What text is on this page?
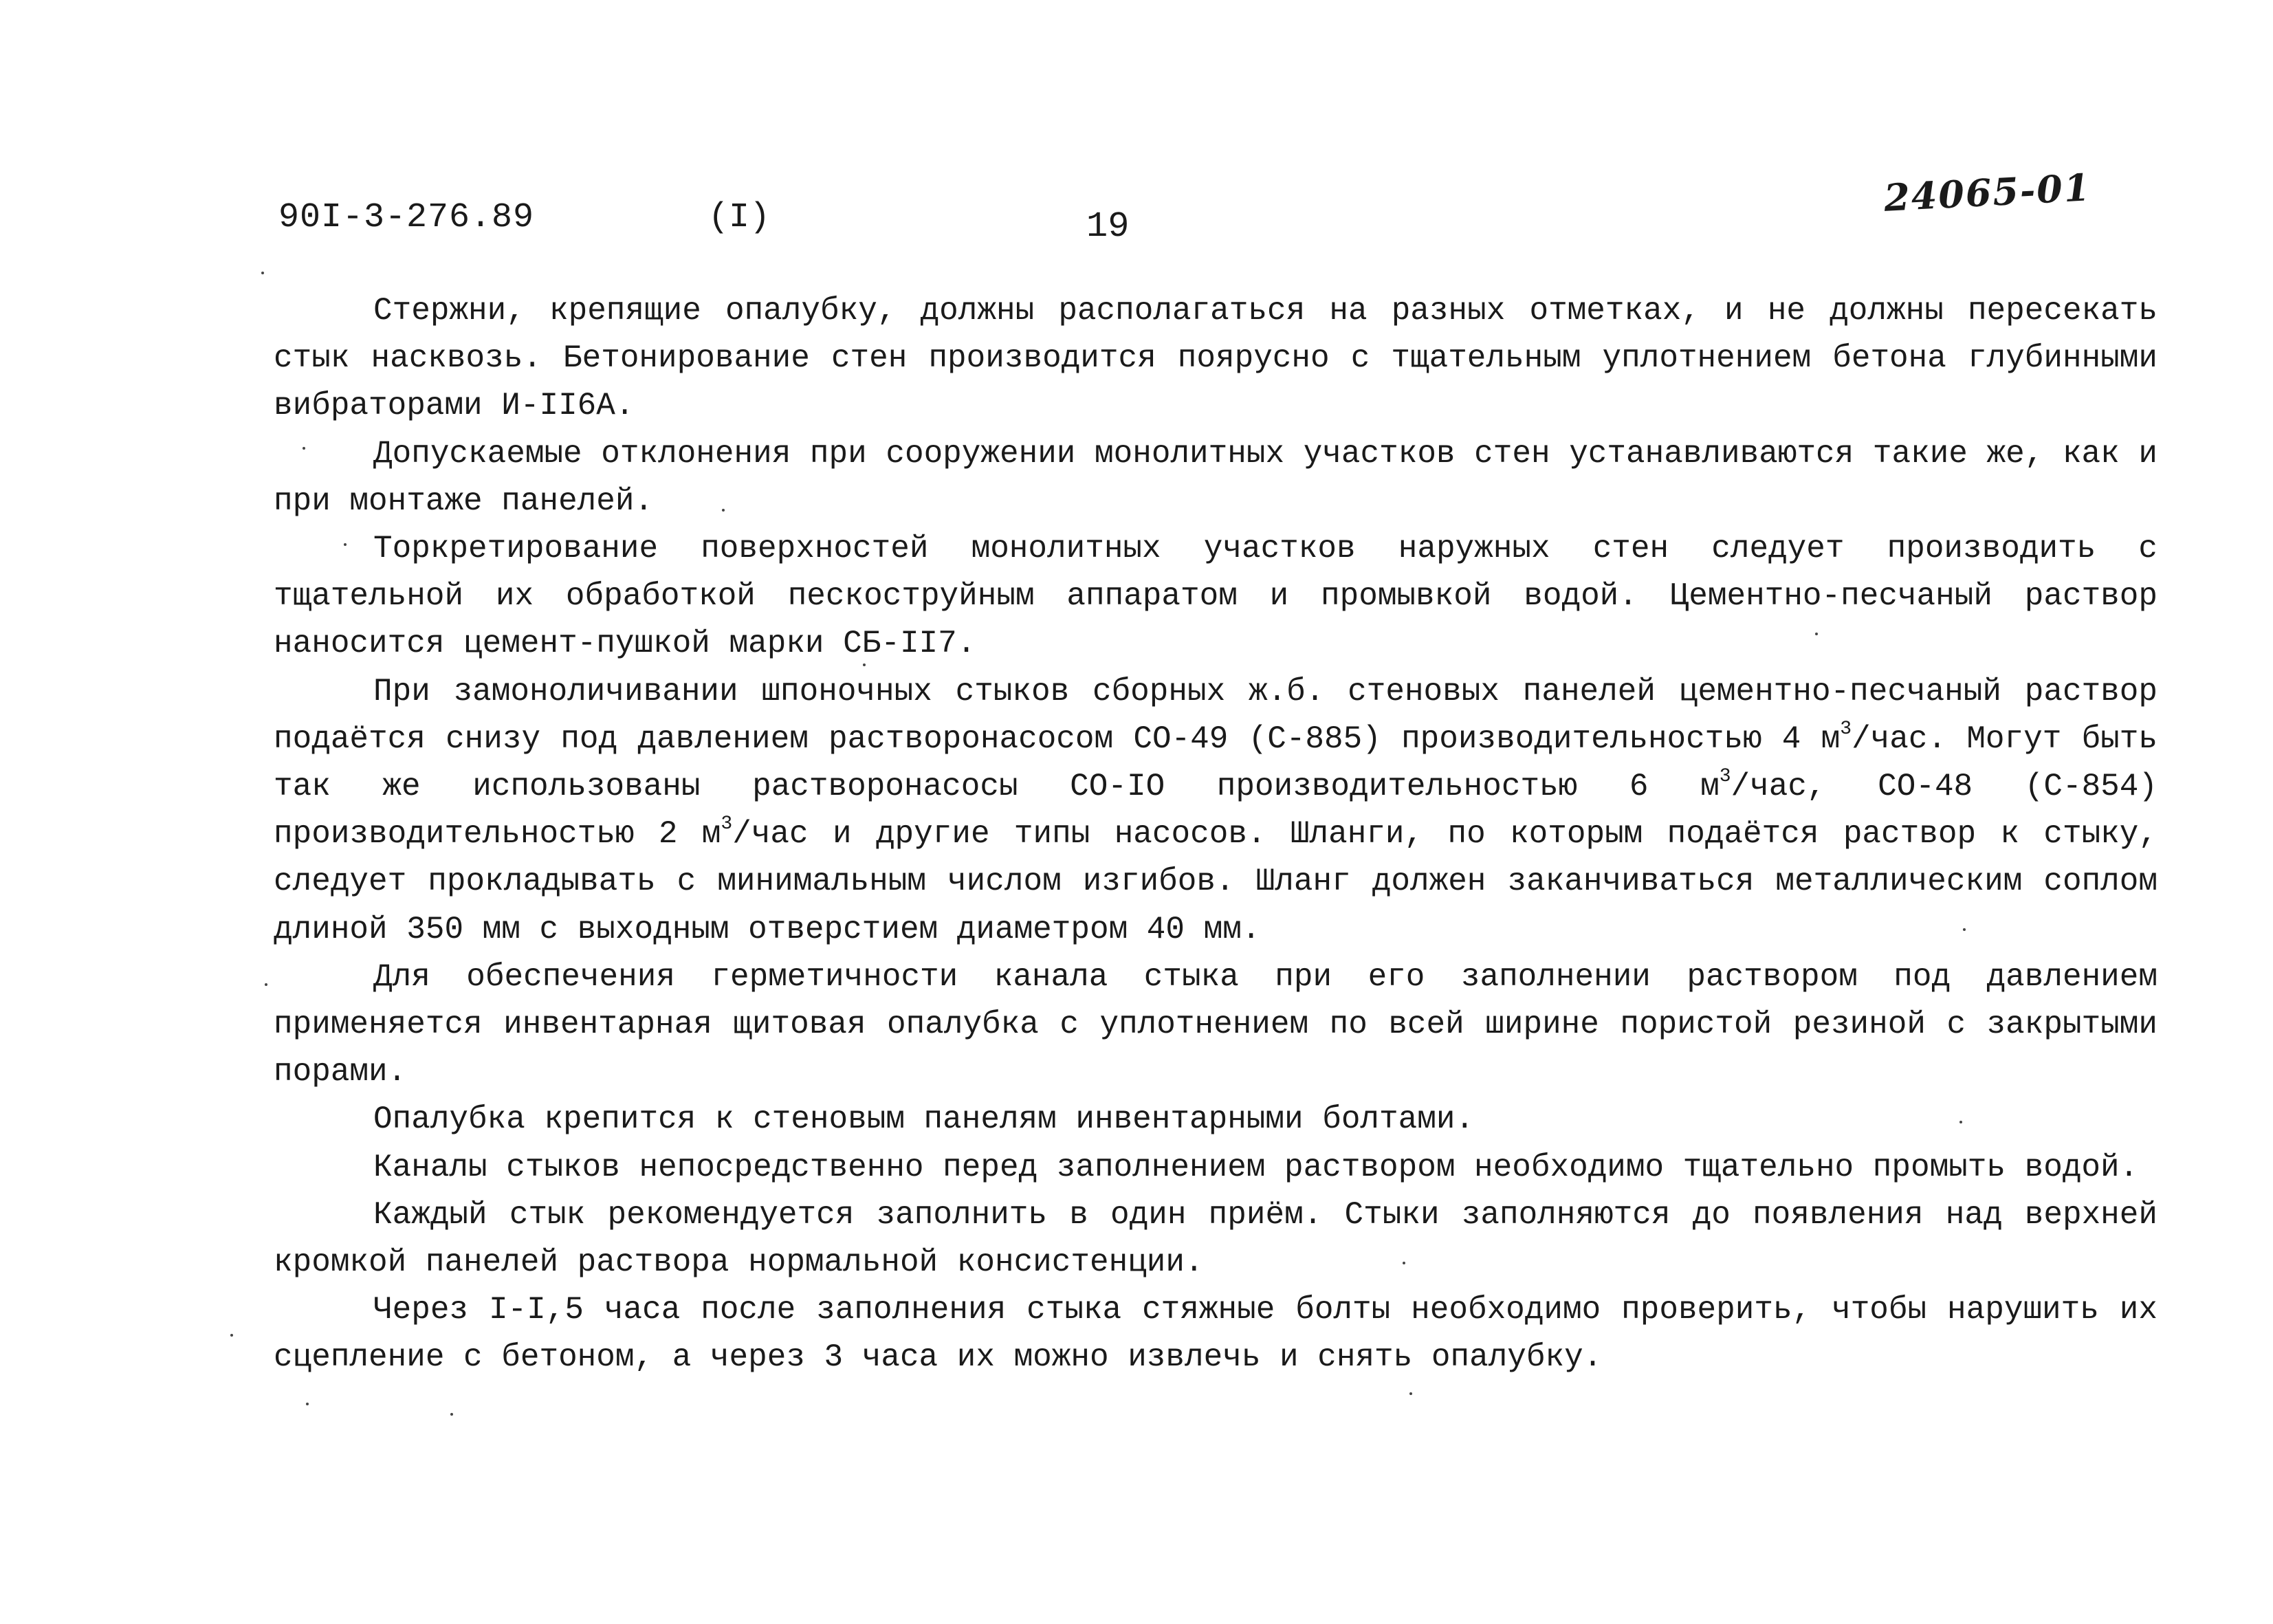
90I-3-276.89	(I)	19
24065-01

Стержни, крепящие опалубку, должны располагаться на разных отметках, и не должны пересекать стык насквозь. Бетонирование стен производится поярусно с тщательным уплотнением бетона глубинными вибраторами И-II6А.

Допускаемые отклонения при сооружении монолитных участков стен устанавливаются такие же, как и при монтаже панелей.

Торкретирование поверхностей монолитных участков наружных стен следует производить с тщательной их обработкой пескоструйным аппаратом и промывкой водой. Цементно-песчаный раствор наносится цемент-пушкой марки СБ-II7.

При замоноличивании шпоночных стыков сборных ж.б. стеновых панелей цементно-песчаный раствор подаётся снизу под давлением растворонасосом СО-49 (С-885) производительностью 4 $м^3$/час. Могут быть так же использованы растворонасосы СО-IO производительностью 6 $м^3$/час, СО-48 (С-854) производительностью 2 $м^3$/час и другие типы насосов. Шланги, по которым подаётся раствор к стыку, следует прокладывать с минимальным числом изгибов. Шланг должен заканчиваться металлическим соплом длиной 350 мм с выходным отверстием диаметром 40 мм.

Для обеспечения герметичности канала стыка при его заполнении раствором под давлением применяется инвентарная щитовая опалубка с уплотнением по всей ширине пористой резиной с закрытыми порами.

Опалубка крепится к стеновым панелям инвентарными болтами.

Каналы стыков непосредственно перед заполнением раствором необходимо тщательно промыть водой.

Каждый стык рекомендуется заполнить в один приём. Стыки заполняются до появления над верхней кромкой панелей раствора нормальной консистенции.

Через I-I,5 часа после заполнения стыка стяжные болты необходимо проверить, чтобы нарушить их сцепление с бетоном, а через 3 часа их можно извлечь и снять опалубку.
